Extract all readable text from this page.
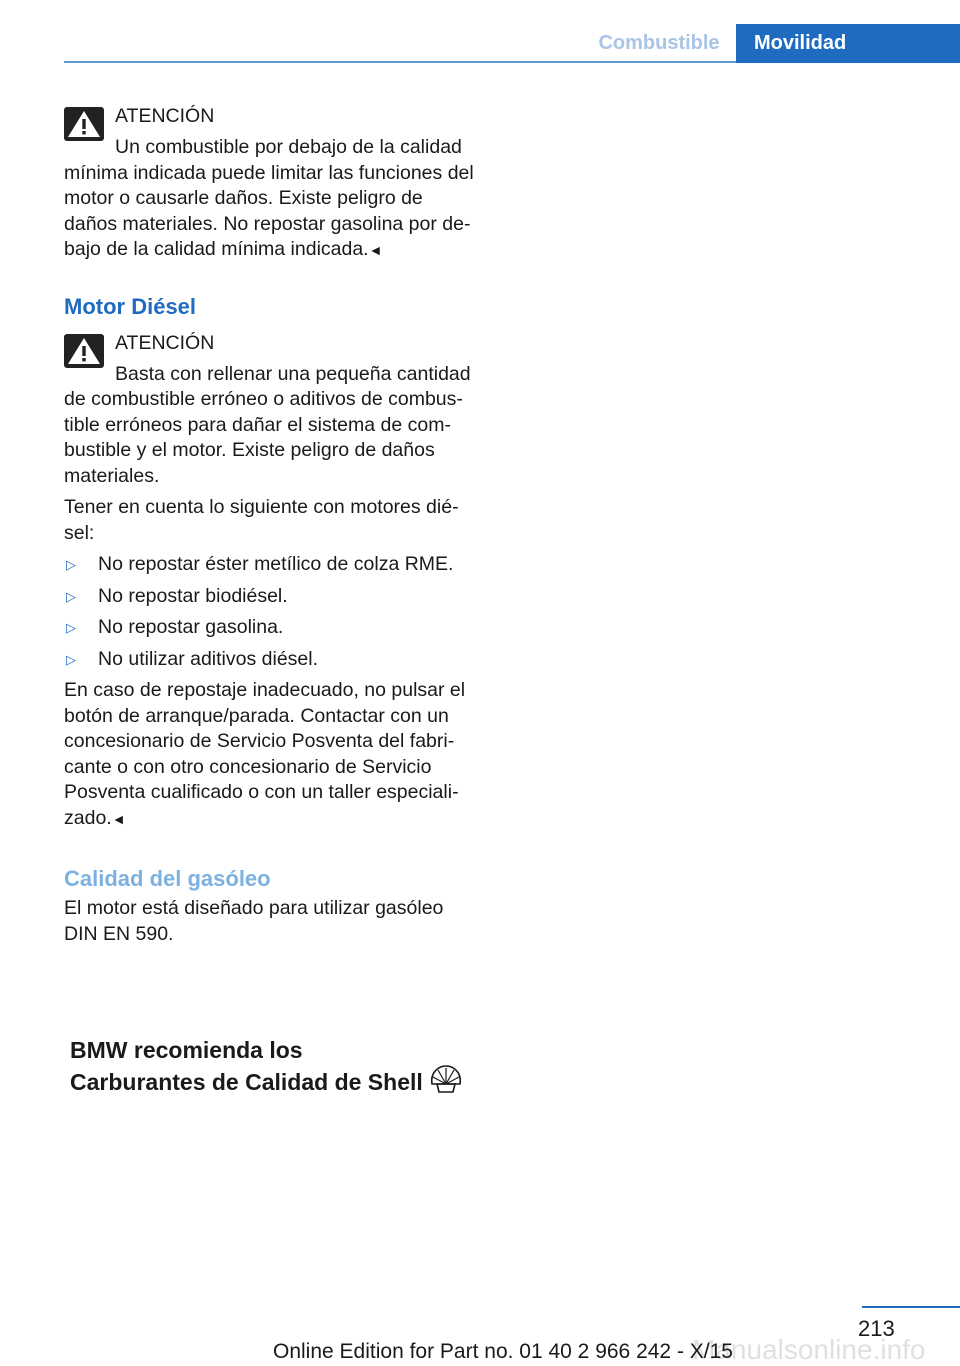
Combustible	Movilidad
ATENCIÓN

Un combustible por debajo de la calidad mínima indicada puede limitar las funciones del motor o causarle daños. Existe peligro de daños materiales. No repostar gasolina por debajo de la calidad mínima indicada.◄

Motor Diésel
ATENCIÓN

Basta con rellenar una pequeña cantidad de combustible erróneo o aditivos de combustible erróneos para dañar el sistema de combustible y el motor. Existe peligro de daños materiales.

Tener en cuenta lo siguiente con motores diésel:

▷ No repostar éster metílico de colza RME.
▷ No repostar biodiésel.
▷ No repostar gasolina.
▷ No utilizar aditivos diésel.

En caso de repostaje inadecuado, no pulsar el botón de arranque/parada. Contactar con un concesionario de Servicio Posventa del fabricante o con otro concesionario de Servicio Posventa cualificado o con un taller especializado.◄

Calidad del gasóleo

El motor está diseñado para utilizar gasóleo DIN EN 590.

BMW recomienda los
Carburantes de Calidad de Shell
213
Manualsonline.info
Online Edition for Part no. 01 40 2 966 242 - X/15
